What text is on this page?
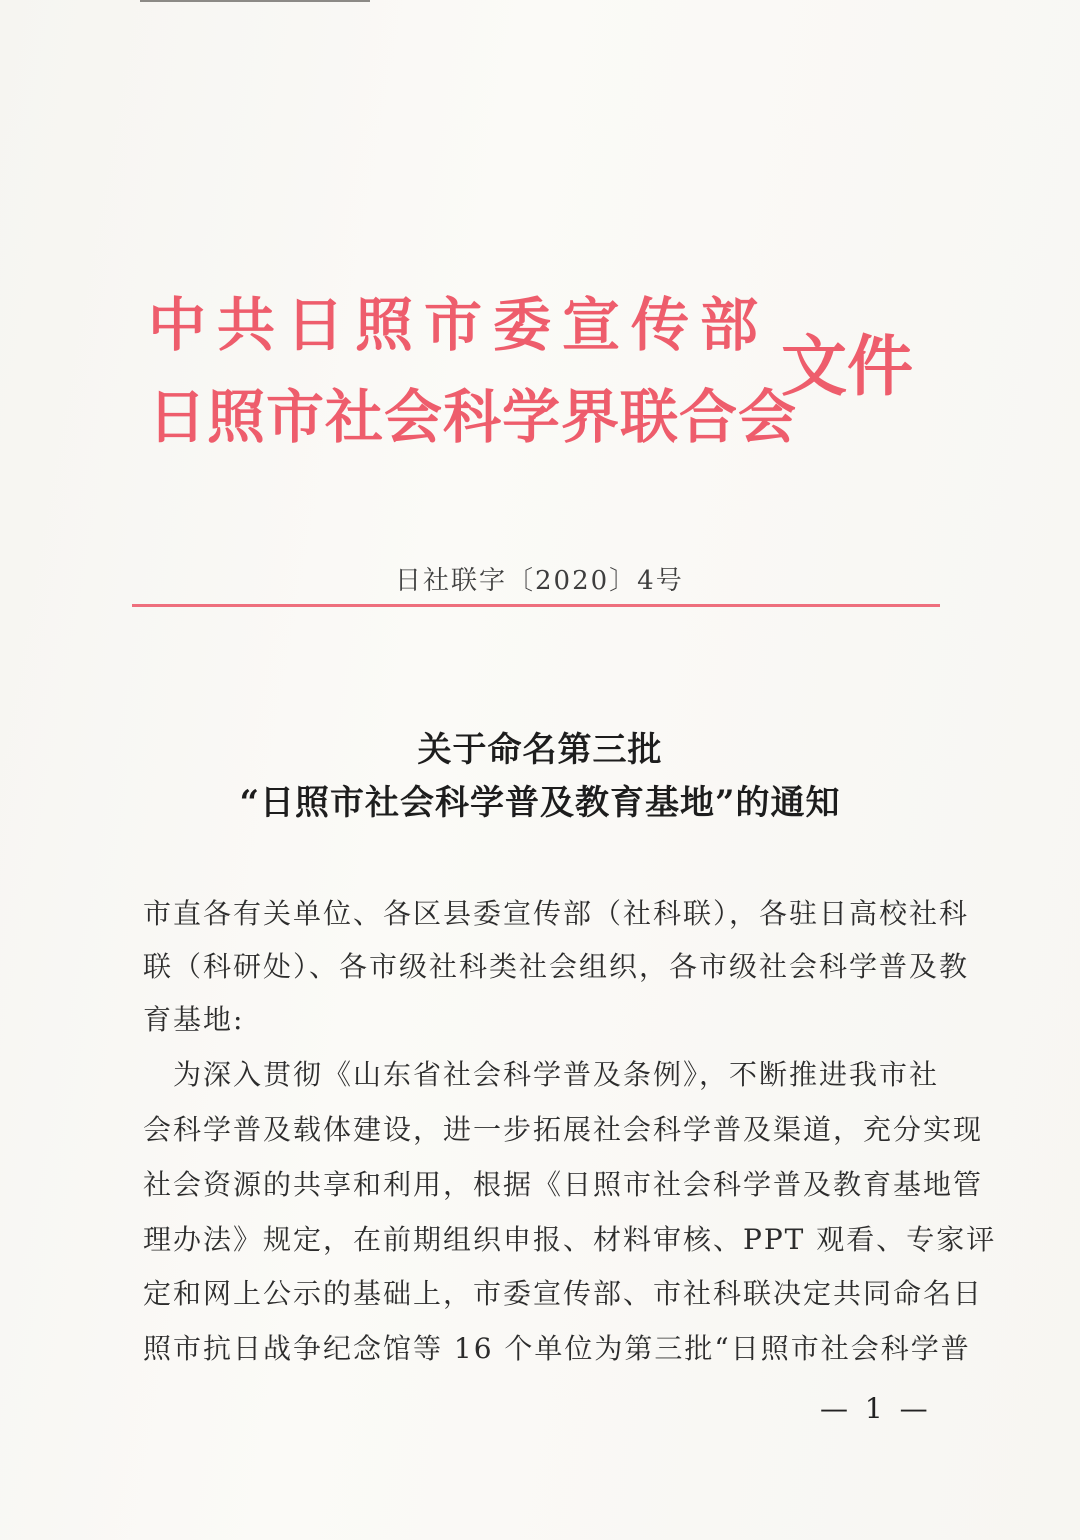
中共日照市委宣传部
日照市社会科学界联合会
文件
日社联字〔2020〕4号
关于命名第三批
“日照市社会科学普及教育基地”的通知
市直各有关单位、各区县委宣传部（社科联），各驻日高校社科
联（科研处）、各市级社科类社会组织，各市级社会科学普及教
育基地:
　为深入贯彻《山东省社会科学普及条例》，不断推进我市社
会科学普及载体建设，进一步拓展社会科学普及渠道，充分实现
社会资源的共享和利用，根据《日照市社会科学普及教育基地管
理办法》规定，在前期组织申报、材料审核、PPT 观看、专家评
定和网上公示的基础上，市委宣传部、市社科联决定共同命名日
照市抗日战争纪念馆等 16 个单位为第三批“日照市社会科学普
— 1 —
